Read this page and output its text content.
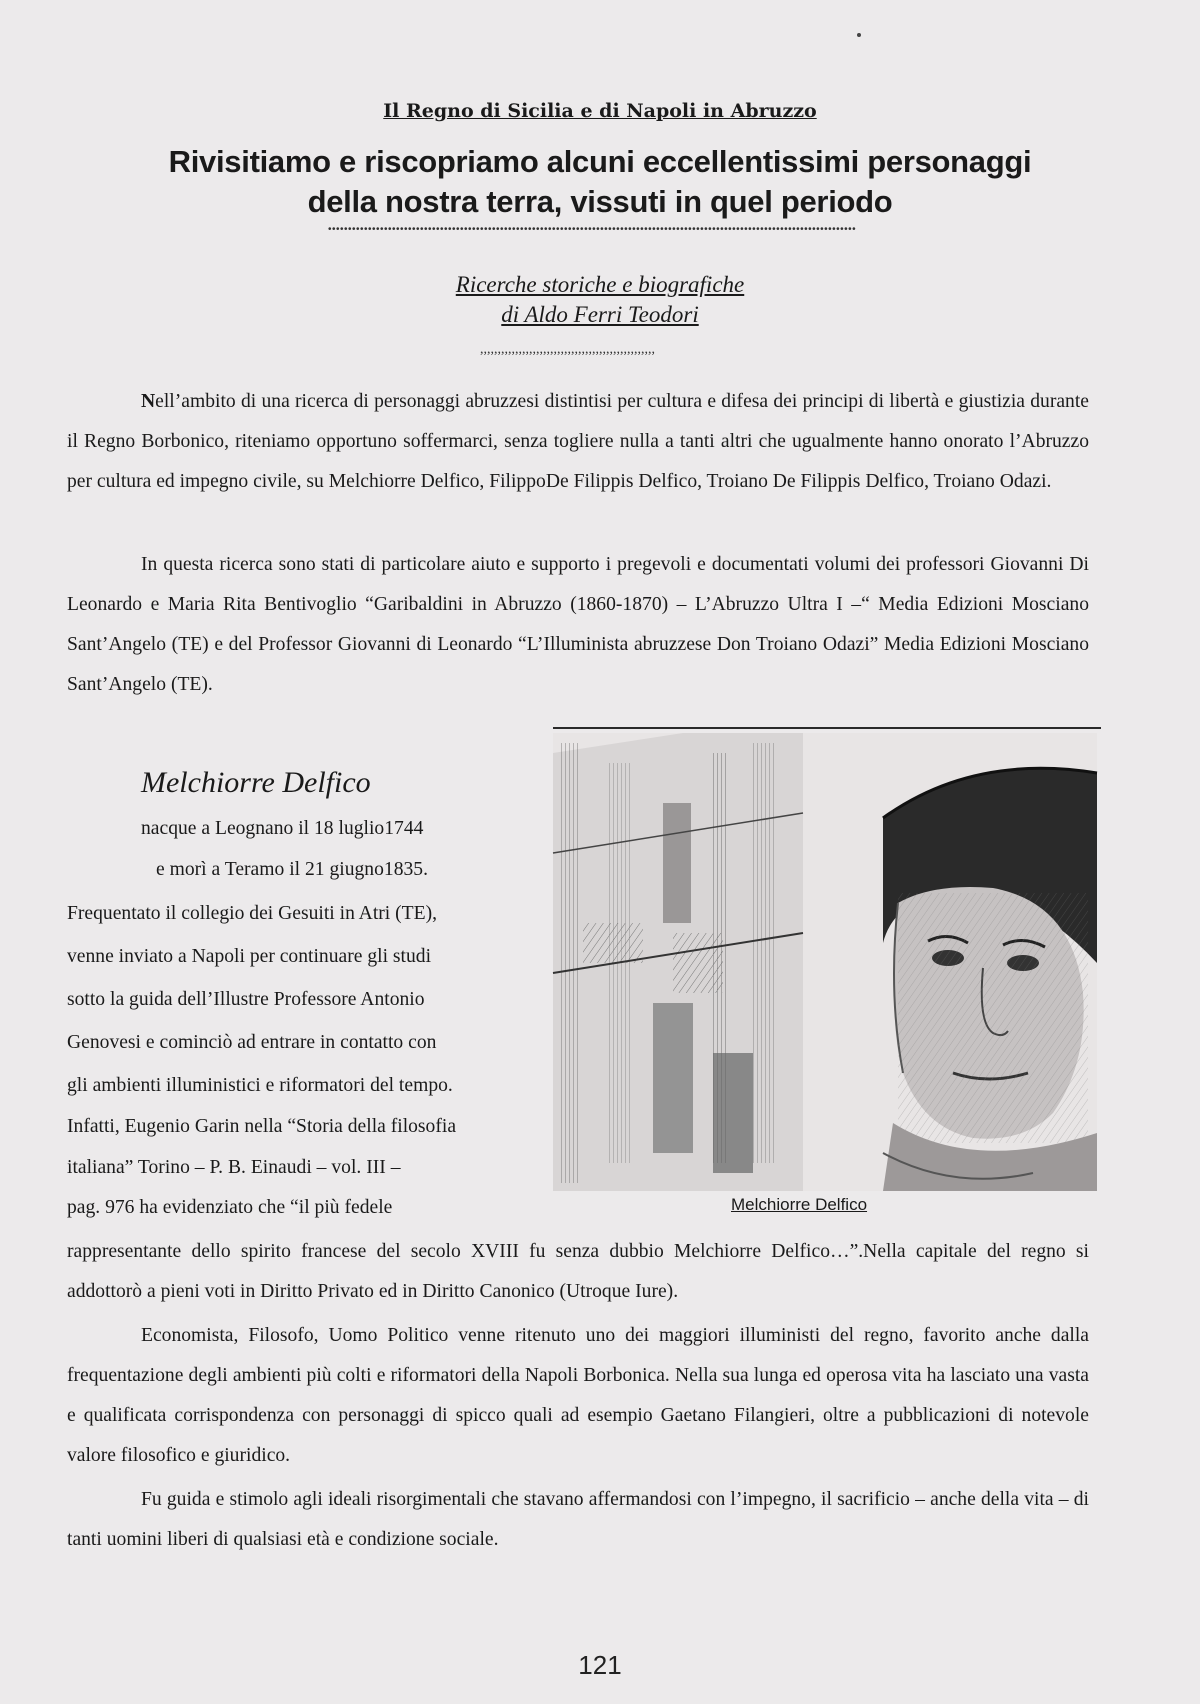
Il Regno di Sicilia e di Napoli in Abruzzo
Rivisitiamo e riscopriamo alcuni eccellentissimi personaggi
della nostra terra, vissuti in quel periodo
••••••••••••••••••••••••••••••••••••••••••••••••••••••••••••••••••••••••••••••••••••••••••••••••••••••••••••••••••••••••••••••••••••
Ricerche storiche e biografiche
di Aldo Ferri Teodori
,,,,,,,,,,,,,,,,,,,,,,,,,,,,,,,,,,,,,,,,,,,,,,,,,,

Nell’ambito di una ricerca di personaggi abruzzesi distintisi per cultura e difesa dei principi di libertà e giustizia durante il Regno Borbonico, riteniamo opportuno soffermarci, senza togliere nulla a tanti altri che ugualmente hanno onorato l’Abruzzo per cultura ed impegno civile, su Melchiorre Delfico, FilippoDe Filippis Delfico, Troiano De Filippis Delfico, Troiano Odazi.

In questa ricerca sono stati di particolare aiuto e supporto i pregevoli e documentati volumi dei professori Giovanni Di Leonardo e Maria Rita Bentivoglio “Garibaldini in Abruzzo (1860-1870) – L’Abruzzo Ultra I –“ Media Edizioni Mosciano Sant’Angelo (TE) e del Professor Giovanni di Leonardo “L’Illuminista abruzzese Don Troiano Odazi” Media Edizioni Mosciano Sant’Angelo (TE).

Melchiorre Delfico
nacque a Leognano il 18 luglio1744
e morì a Teramo il 21 giugno1835.
Frequentato il collegio dei Gesuiti in Atri (TE),
venne inviato a Napoli per continuare gli studi
sotto la guida dell’Illustre Professore Antonio
Genovesi e cominciò ad entrare in contatto con
gli ambienti illuministici e riformatori del tempo.
Infatti, Eugenio Garin nella “Storia della filosofia
italiana” Torino – P. B. Einaudi – vol. III –
pag. 976 ha evidenziato che “il più fedele	Melchiorre Delfico

rappresentante dello spirito francese del secolo XVIII fu senza dubbio Melchiorre Delfico…”.Nella capitale del regno si addottorò a pieni voti in Diritto Privato ed in Diritto Canonico (Utroque Iure).

Economista, Filosofo, Uomo Politico venne ritenuto uno dei maggiori illuministi del regno, favorito anche dalla frequentazione degli ambienti più colti e riformatori della Napoli Borbonica. Nella sua lunga ed operosa vita ha lasciato una vasta e qualificata corrispondenza con personaggi di spicco quali ad esempio Gaetano Filangieri, oltre a pubblicazioni di notevole valore filosofico e giuridico.

Fu guida e stimolo agli ideali risorgimentali che stavano affermandosi con l’impegno, il sacrificio – anche della vita – di tanti uomini liberi di qualsiasi età e condizione sociale.

121
